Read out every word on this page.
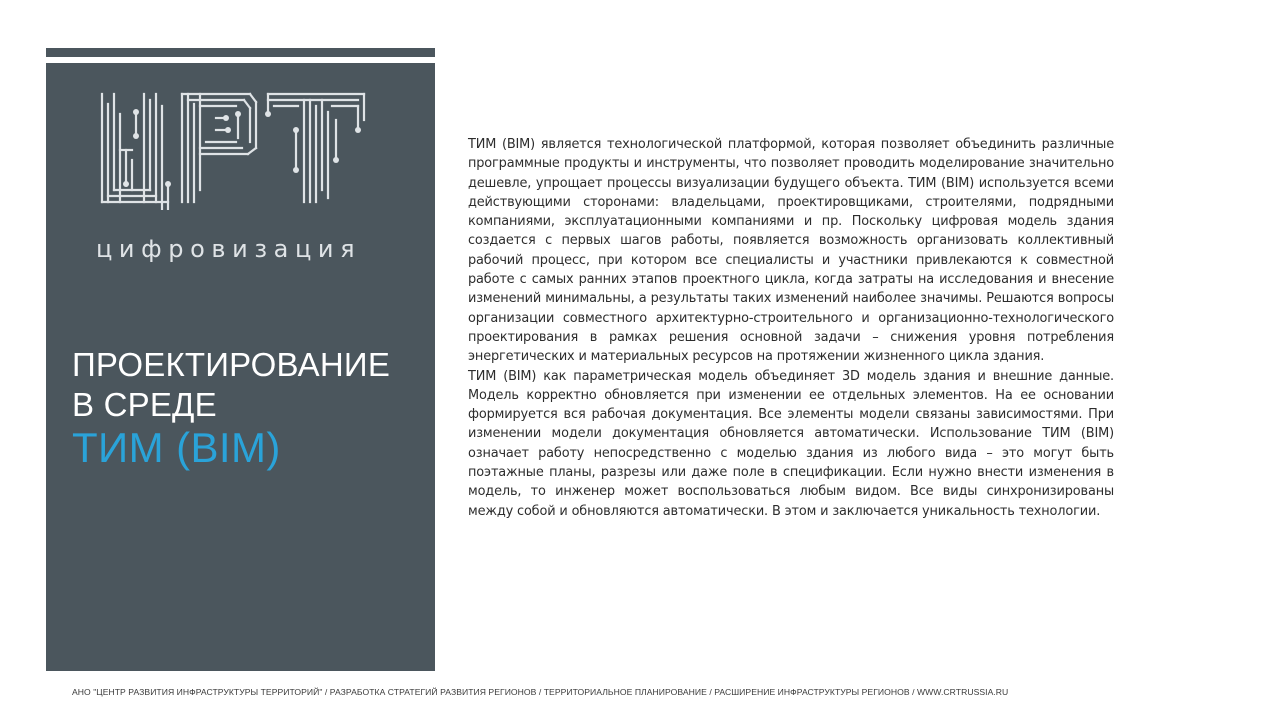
цифровизация
ПРОЕКТИРОВАНИЕ
В СРЕДЕ
ТИМ (BIM)

ТИМ (BIM) является технологической платформой, которая позволяет объединить различные программные продукты и инструменты, что позволяет проводить моделирование значительно дешевле, упрощает процессы визуализации будущего объекта. ТИМ (BIM) используется всеми действующими сторонами: владельцами, проектировщиками, строителями, подрядными компаниями, эксплуатационными компаниями и пр. Поскольку цифровая модель здания создается с первых шагов работы, появляется возможность организовать коллективный рабочий процесс, при котором все специалисты и участники привлекаются к совместной работе с самых ранних этапов проектного цикла, когда затраты на исследования и внесение изменений минимальны, а результаты таких изменений наиболее значимы. Решаются вопросы организации совместного архитектурно-строительного и организационно-технологического проектирования в рамках решения основной задачи – снижения уровня потребления энергетических и материальных ресурсов на протяжении жизненного цикла здания.

ТИМ (BIM) как параметрическая модель объединяет 3D модель здания и внешние данные. Модель корректно обновляется при изменении ее отдельных элементов. На ее основании формируется вся рабочая документация. Все элементы модели связаны зависимостями. При изменении модели документация обновляется автоматически. Использование ТИМ (BIM) означает работу непосредственно с моделью здания из любого вида – это могут быть поэтажные планы, разрезы или даже поле в спецификации. Если нужно внести изменения в модель, то инженер может воспользоваться любым видом. Все виды синхронизированы между собой и обновляются автоматически. В этом и заключается уникальность технологии.

АНО "ЦЕНТР РАЗВИТИЯ ИНФРАСТРУКТУРЫ ТЕРРИТОРИЙ" / РАЗРАБОТКА СТРАТЕГИЙ РАЗВИТИЯ РЕГИОНОВ / ТЕРРИТОРИАЛЬНОЕ ПЛАНИРОВАНИЕ / РАСШИРЕНИЕ ИНФРАСТРУКТУРЫ РЕГИОНОВ / WWW.CRTRUSSIA.RU
